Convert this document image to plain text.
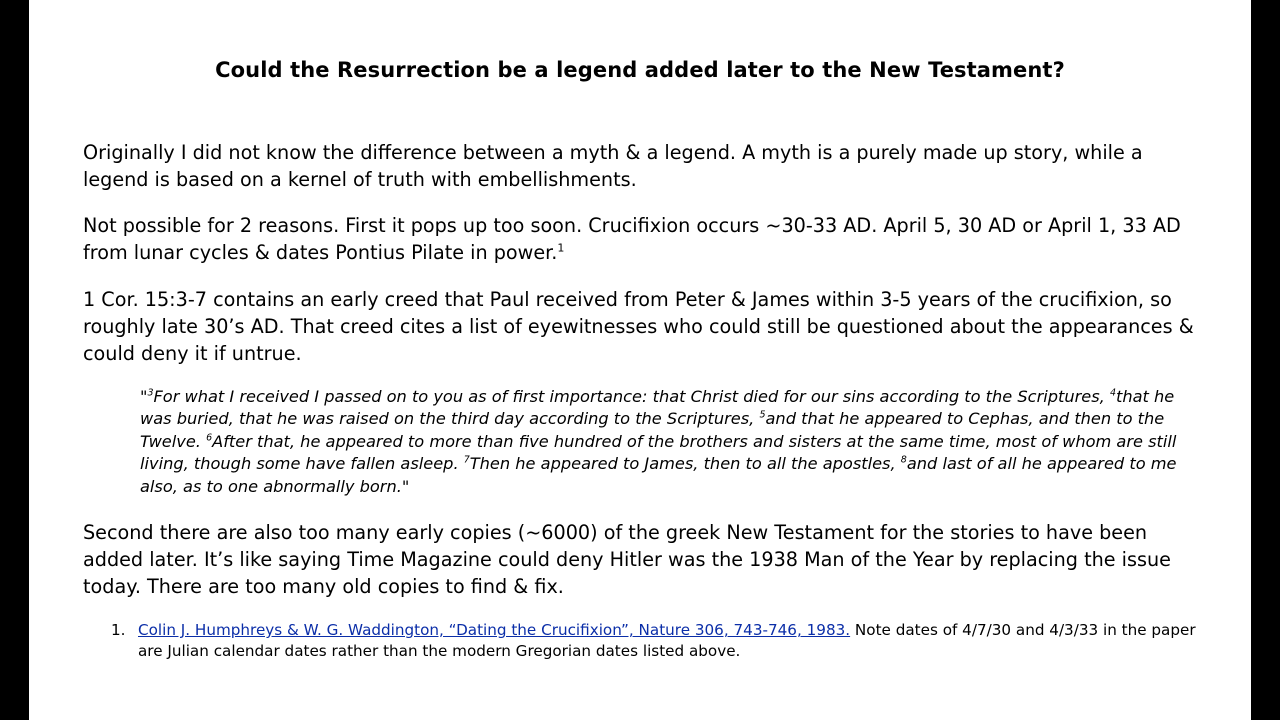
Could the Resurrection be a legend added later to the New Testament?

Originally I did not know the difference between a myth & a legend. A myth is a purely made up story, while a legend is based on a kernel of truth with embellishments.

Not possible for 2 reasons. First it pops up too soon. Crucifixion occurs ~30-33 AD. April 5, 30 AD or April 1, 33 AD from lunar cycles & dates Pontius Pilate in power.$^1$

1 Cor. 15:3-7 contains an early creed that Paul received from Peter & James within 3-5 years of the crucifixion, so roughly late 30’s AD. That creed cites a list of eyewitnesses who could still be questioned about the appearances & could deny it if untrue.

"$^3$For what I received I passed on to you as of first importance: that Christ died for our sins according to the Scriptures, $^4$that he was buried, that he was raised on the third day according to the Scriptures, $^5$and that he appeared to Cephas, and then to the Twelve. $^6$After that, he appeared to more than five hundred of the brothers and sisters at the same time, most of whom are still living, though some have fallen asleep. $^7$Then he appeared to James, then to all the apostles, $^8$and last of all he appeared to me also, as to one abnormally born."

Second there are also too many early copies (~6000) of the greek New Testament for the stories to have been added later. It’s like saying Time Magazine could deny Hitler was the 1938 Man of the Year by replacing the issue today. There are too many old copies to find & fix.

1. Colin J. Humphreys & W. G. Waddington, “Dating the Crucifixion”, Nature 306, 743-746, 1983. Note dates of 4/7/30 and 4/3/33 in the paper are Julian calendar dates rather than the modern Gregorian dates listed above.
